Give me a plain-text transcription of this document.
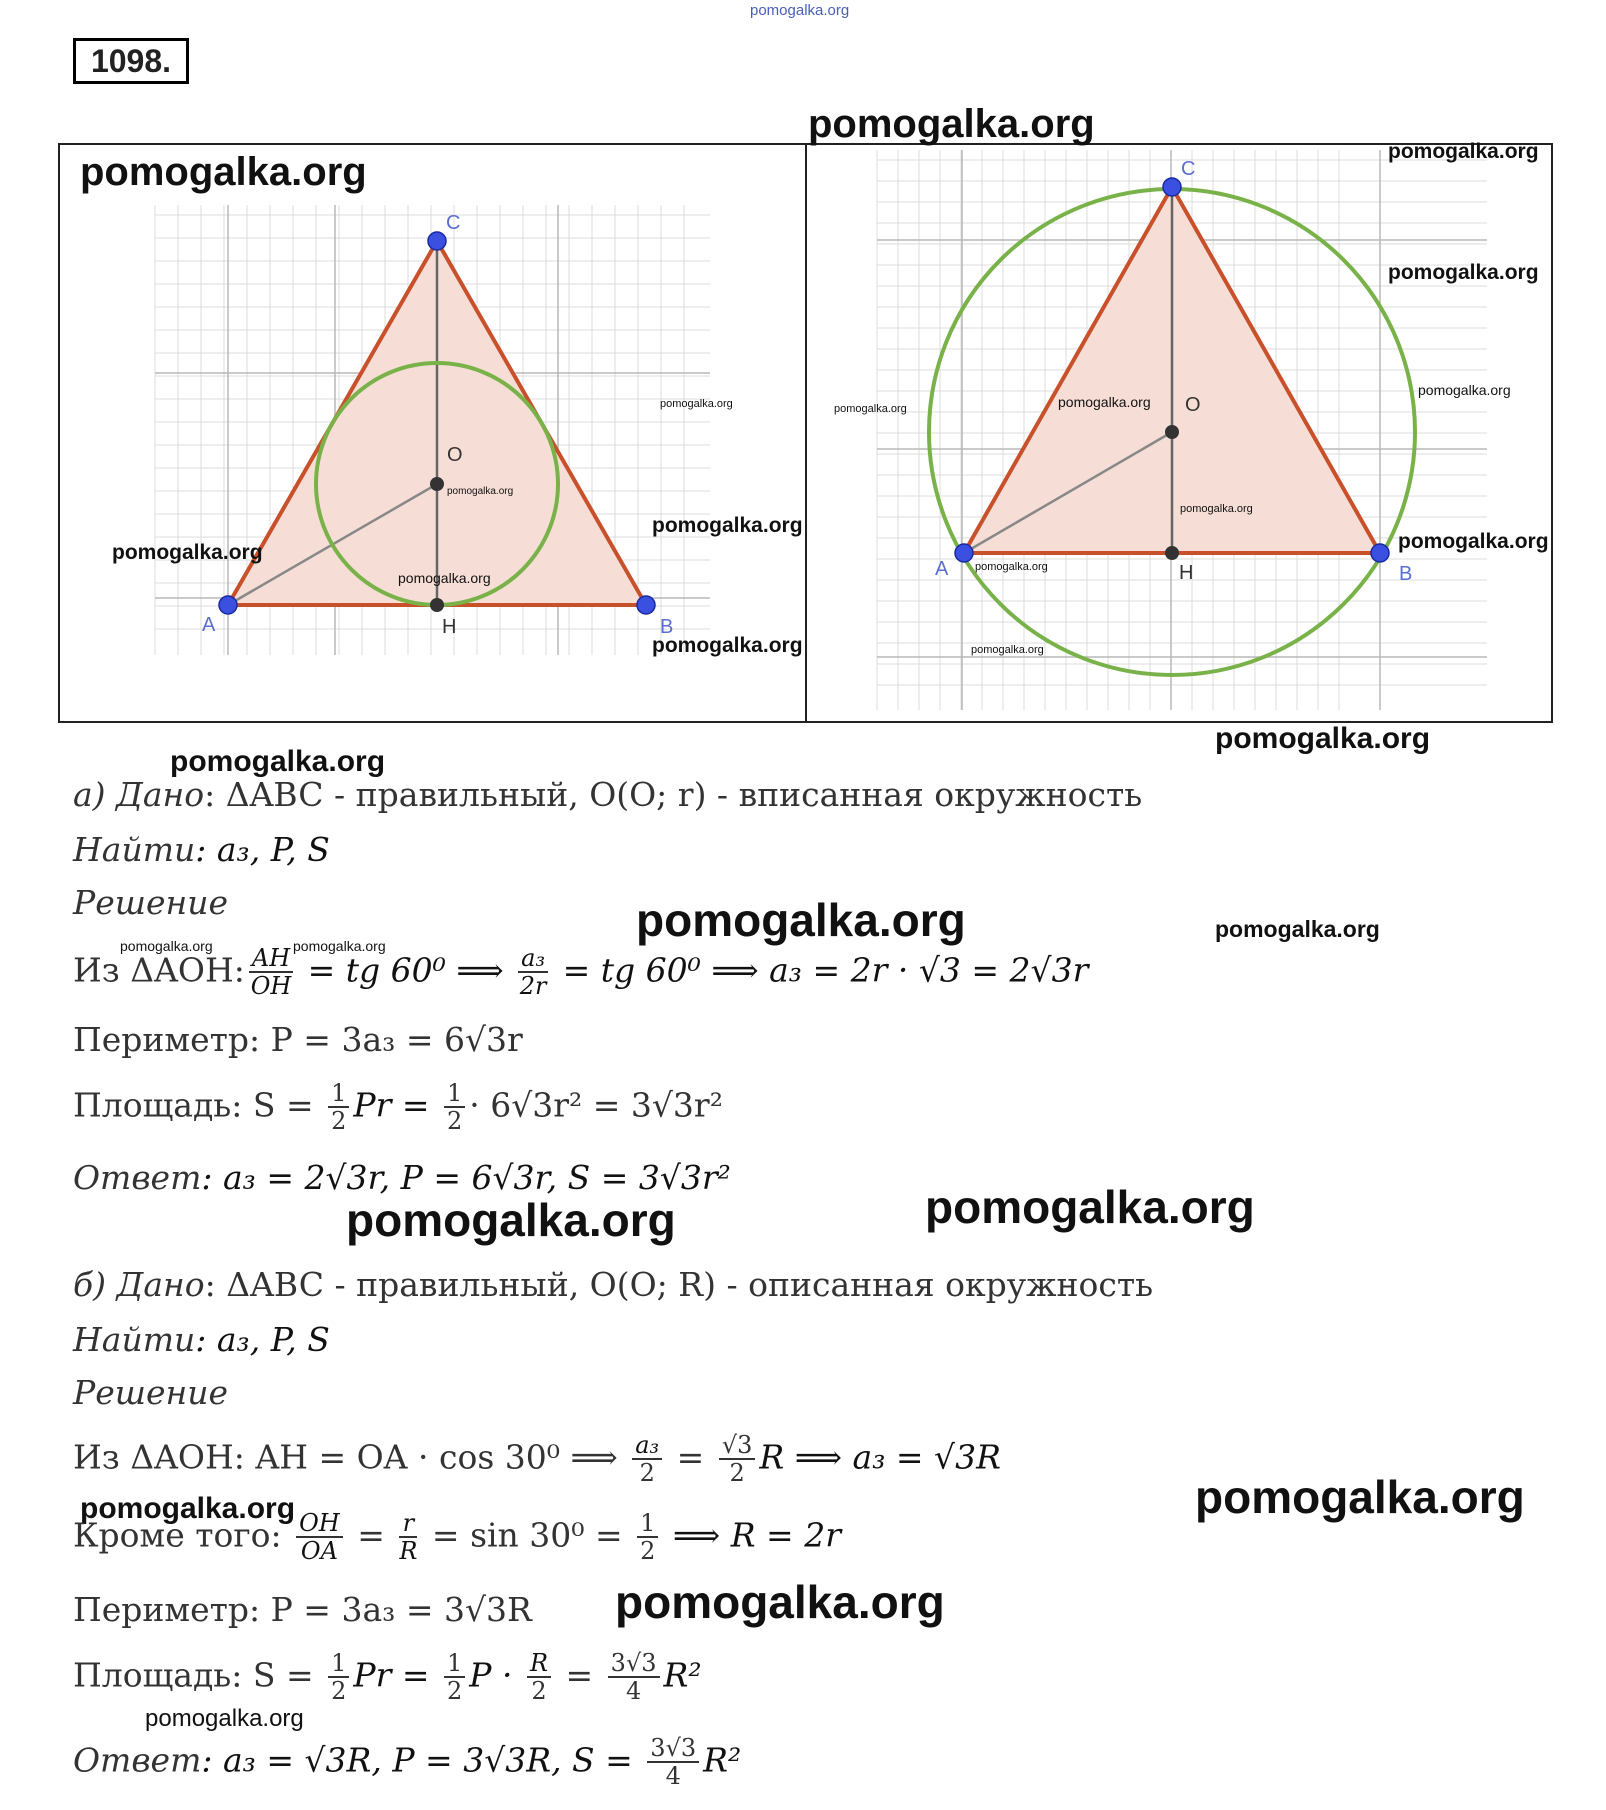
pomogalka.org
1098.
A	B
C
O
H
A	B
C
O
H
pomogalka.org
pomogalka.org
pomogalka.org
pomogalka.org
pomogalka.org
pomogalka.org
pomogalka.org
pomogalka.org
pomogalka.org
pomogalka.org
pomogalka.org
pomogalka.org	pomogalka.org
pomogalka.org
pomogalka.org
pomogalka.org
pomogalka.org
pomogalka.org
pomogalka.org
pomogalka.org	pomogalka.org
pomogalka.org	pomogalka.org
pomogalka.org	pomogalka.org
pomogalka.org
pomogalka.org
pomogalka.org
pomogalka.org
pomogalka.org
а) Дано: ΔABC - правильный, O(O; r) - вписанная окружность
Найти: a₃, P, S
Решение
Из ΔAOH: $\frac{AH}{OH}$ = tg 60⁰ ⟹ $\frac{\text{a₃}}{2r}$ = tg 60⁰ ⟹ a₃ = 2r · √3 = 2√3r
Периметр: P = 3a₃ = 6√3r
Площадь: $S = \frac{1}{2}$ $Pr = \frac{1}{2} \cdot 6√3r^2 = 3√3r^2$
Ответ: a₃ = 2√3r, P = 6√3r, S = 3√3r²
б) Дано: ΔABC - правильный, O(O; R) - описанная окружность
Найти: a₃, P, S
Решение
Из ΔAOH: AH = OA · cos 30⁰ ⟹ $\frac{\text{a₃}}{2} = \frac{√3}{2}$ R ⟹ a₃ = √3R
Кроме того: $\frac{OH}{OA} = \frac{r}{R} = \sin 30^0 = \frac{1}{2}$ ⟹ R = 2r
Периметр: P = 3a₃ = 3√3R
Площадь: $S = \frac{1}{2}$ $Pr = \frac{1}{2}$ $P \cdot \frac{R}{2} = \frac{3√3}{4} R^2$
Ответ: a₃ = √3R, P = 3√3R, $S = \frac{3√3}{4} R^2$
